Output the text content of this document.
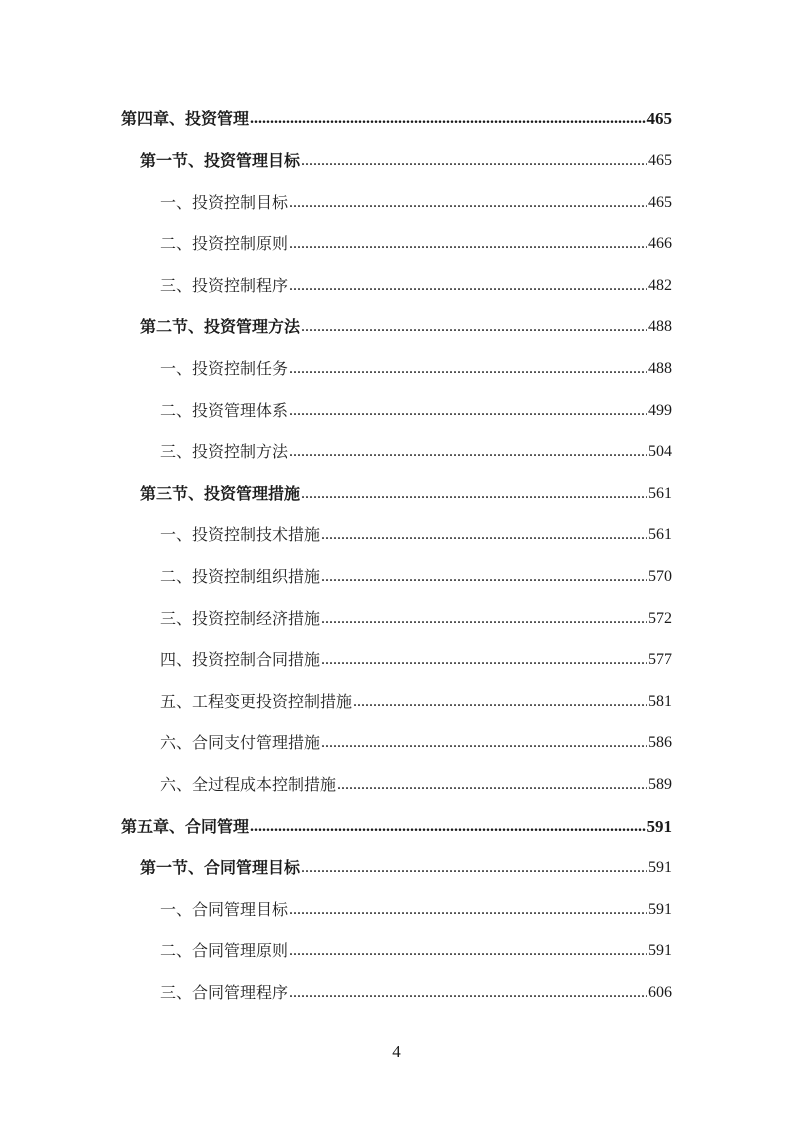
第四章、投资管理 .....	465
第一节、投资管理目标 .....	465
一、投资控制目标 .....	465
二、投资控制原则 .....	466
三、投资控制程序 .....	482
第二节、投资管理方法 .....	488
一、投资控制任务 .....	488
二、投资管理体系 .....	499
三、投资控制方法 .....	504
第三节、投资管理措施 .....	561
一、投资控制技术措施 .....	561
二、投资控制组织措施 .....	570
三、投资控制经济措施 .....	572
四、投资控制合同措施 .....	577
五、工程变更投资控制措施 .....	581
六、合同支付管理措施 .....	586
六、全过程成本控制措施 .....	589
第五章、合同管理 .....	591
第一节、合同管理目标 .....	591
一、合同管理目标 .....	591
二、合同管理原则 .....	591
三、合同管理程序 .....	606
4
